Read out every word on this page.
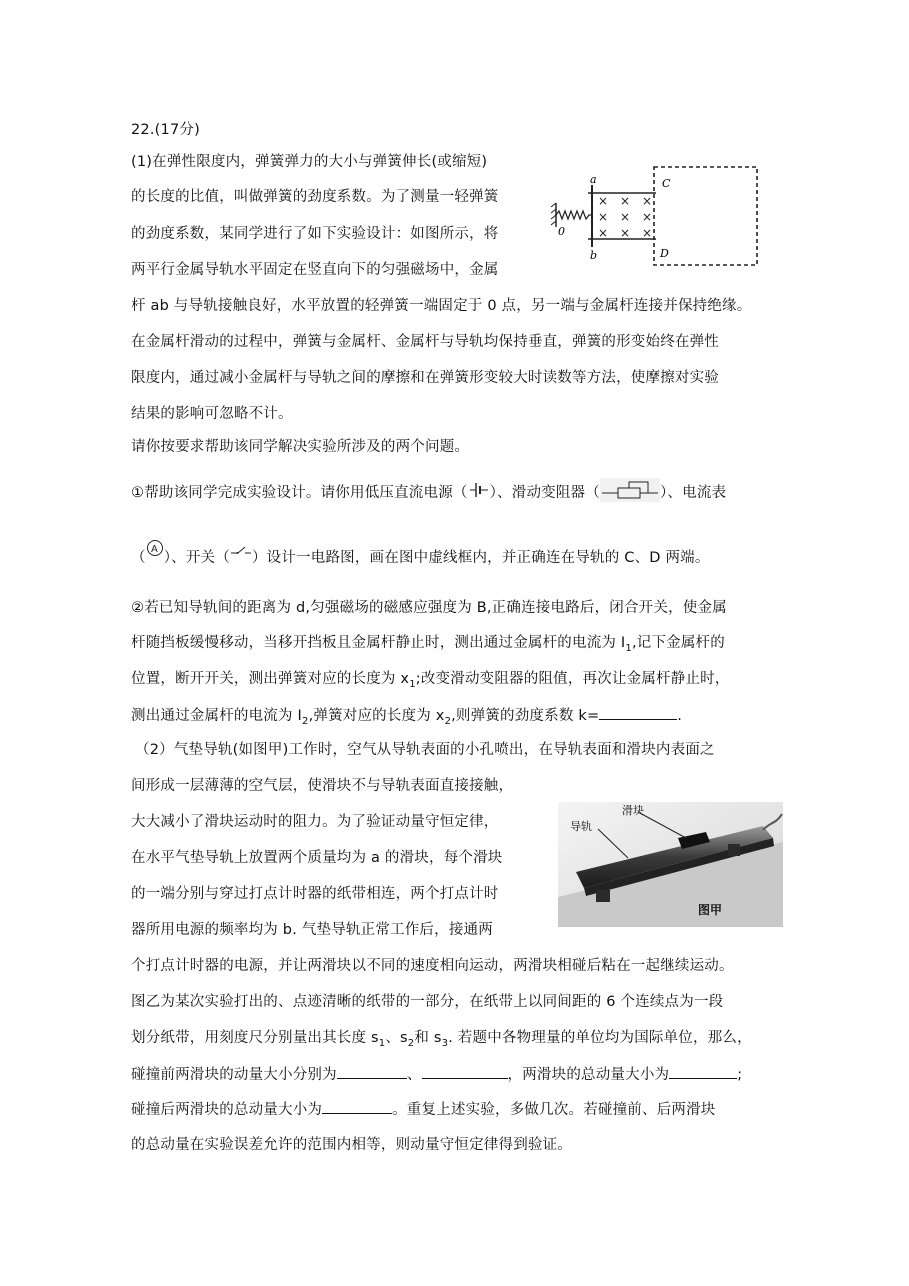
22.(17分)
(1)在弹性限度内，弹簧弹力的大小与弹簧伸长(或缩短)
的长度的比值，叫做弹簧的劲度系数。为了测量一轻弹簧
的劲度系数，某同学进行了如下实验设计：如图所示，将
两平行金属导轨水平固定在竖直向下的匀强磁场中，金属
杆 ab 与导轨接触良好，水平放置的轻弹簧一端固定于 0 点，另一端与金属杆连接并保持绝缘。
在金属杆滑动的过程中，弹簧与金属杆、金属杆与导轨均保持垂直，弹簧的形变始终在弹性
限度内，通过减小金属杆与导轨之间的摩擦和在弹簧形变较大时读数等方法，使摩擦对实验
结果的影响可忽略不计。
请你按要求帮助该同学解决实验所涉及的两个问题。
× × ×
× × ×
× × ×
a
b
C
D
0
①帮助该同学完成实验设计。请你用低压直流电源（ ）、滑动变阻器（	）、电流表
（
A
）、开关（ ）设计一电路图，画在图中虚线框内，并正确连在导轨的 C、D 两端。
②若已知导轨间的距离为 d,匀强磁场的磁感应强度为 B,正确连接电路后，闭合开关，使金属
杆随挡板缓慢移动，当移开挡板且金属杆静止时，测出通过金属杆的电流为 $I_1$,记下金属杆的
位置，断开开关，测出弹簧对应的长度为 $x_1$;改变滑动变阻器的阻值，再次让金属杆静止时，
测出通过金属杆的电流为 $I_2$,弹簧对应的长度为 $x_2$,则弹簧的劲度系数 k=	.
（2）气垫导轨(如图甲)工作时，空气从导轨表面的小孔喷出，在导轨表面和滑块内表面之
间形成一层薄薄的空气层，使滑块不与导轨表面直接接触，
大大减小了滑块运动时的阻力。为了验证动量守恒定律，
在水平气垫导轨上放置两个质量均为 a 的滑块，每个滑块
的一端分别与穿过打点计时器的纸带相连，两个打点计时
器所用电源的频率均为 b. 气垫导轨正常工作后，接通两
个打点计时器的电源，并让两滑块以不同的速度相向运动，两滑块相碰后粘在一起继续运动。
图乙为某次实验打出的、点迹清晰的纸带的一部分，在纸带上以同间距的 6 个连续点为一段
划分纸带，用刻度尺分别量出其长度 $s_1$、$s_2$和 $s_3$. 若题中各物理量的单位均为国际单位，那么，
碰撞前两滑块的动量大小分别为	、	，两滑块的总动量大小为	;
碰撞后两滑块的总动量大小为	。重复上述实验，多做几次。若碰撞前、后两滑块
的总动量在实验误差允许的范围内相等，则动量守恒定律得到验证。
滑块
导轨
图甲
